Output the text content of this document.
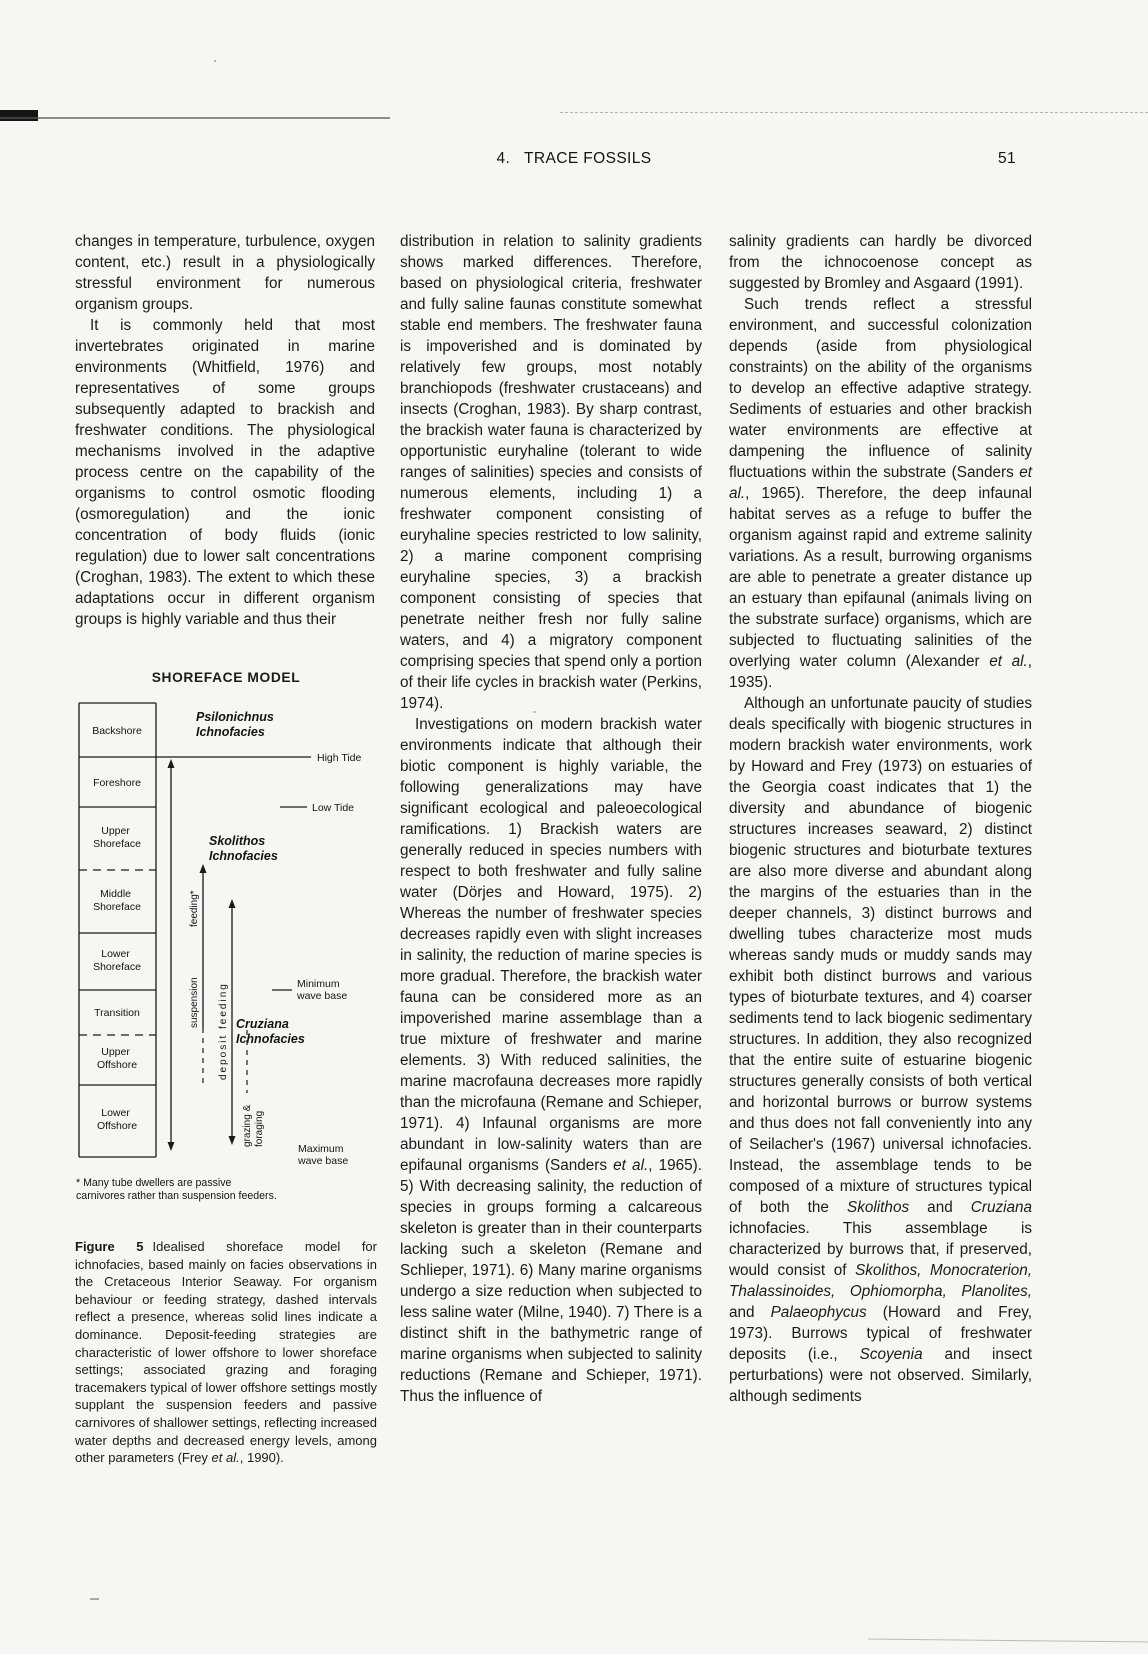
4.   TRACE FOSSILS	51

changes in temperature, turbulence, oxygen content, etc.) result in a physiologically stressful environment for numerous organism groups.

It is commonly held that most invertebrates originated in marine environments (Whitfield, 1976) and representatives of some groups subsequently adapted to brackish and freshwater conditions. The physiological mechanisms involved in the adaptive process centre on the capability of the organisms to control osmotic flooding (osmoregulation) and the ionic concentration of body fluids (ionic regulation) due to lower salt concentrations (Croghan, 1983). The extent to which these adaptations occur in different organism groups is highly variable and thus their

distribution in relation to salinity gradients shows marked differences. Therefore, based on physiological criteria, freshwater and fully saline faunas constitute somewhat stable end members. The freshwater fauna is impoverished and is dominated by relatively few groups, most notably branchiopods (freshwater crustaceans) and insects (Croghan, 1983). By sharp contrast, the brackish water fauna is characterized by opportunistic euryhaline (tolerant to wide ranges of salinities) species and consists of numerous elements, including 1) a freshwater component consisting of euryhaline species restricted to low salinity, 2) a marine component comprising euryhaline species, 3) a brackish component consisting of species that penetrate neither fresh nor fully saline waters, and 4) a migratory component comprising species that spend only a portion of their life cycles in brackish water (Perkins, 1974).

Investigations on modern brackish water environments indicate that although their biotic component is highly variable, the following generalizations may have significant ecological and paleoecological ramifications. 1) Brackish waters are generally reduced in species numbers with respect to both freshwater and fully saline water (Dörjes and Howard, 1975). 2) Whereas the number of freshwater species decreases rapidly even with slight increases in salinity, the reduction of marine species is more gradual. Therefore, the brackish water fauna can be considered more as an impoverished marine assemblage than a true mixture of freshwater and marine elements. 3) With reduced salinities, the marine macrofauna decreases more rapidly than the microfauna (Remane and Schieper, 1971). 4) Infaunal organisms are more abundant in low-salinity waters than are epifaunal organisms (Sanders et al., 1965). 5) With decreasing salinity, the reduction of species in groups forming a calcareous skeleton is greater than in their counterparts lacking such a skeleton (Remane and Schlieper, 1971). 6) Many marine organisms undergo a size reduction when subjected to less saline water (Milne, 1940). 7) There is a distinct shift in the bathymetric range of marine organisms when subjected to salinity reductions (Remane and Schieper, 1971). Thus the influence of

salinity gradients can hardly be divorced from the ichnocoenose concept as suggested by Bromley and Asgaard (1991).

Such trends reflect a stressful environment, and successful colonization depends (aside from physiological constraints) on the ability of the organisms to develop an effective adaptive strategy. Sediments of estuaries and other brackish water environments are effective at dampening the influence of salinity fluctuations within the substrate (Sanders et al., 1965). Therefore, the deep infaunal habitat serves as a refuge to buffer the organism against rapid and extreme salinity variations. As a result, burrowing organisms are able to penetrate a greater distance up an estuary than epifaunal (animals living on the substrate surface) organisms, which are subjected to fluctuating salinities of the overlying water column (Alexander et al., 1935).

Although an unfortunate paucity of studies deals specifically with biogenic structures in modern brackish water environments, work by Howard and Frey (1973) on estuaries of the Georgia coast indicates that 1) the diversity and abundance of biogenic structures increases seaward, 2) distinct biogenic structures and bioturbate textures are also more diverse and abundant along the margins of the estuaries than in the deeper channels, 3) distinct burrows and dwelling tubes characterize most muds whereas sandy muds or muddy sands may exhibit both distinct burrows and various types of bioturbate textures, and 4) coarser sediments tend to lack biogenic sedimentary structures. In addition, they also recognized that the entire suite of estuarine biogenic structures generally consists of both vertical and horizontal burrows or burrow systems and thus does not fall conveniently into any of Seilacher's (1967) universal ichnofacies. Instead, the assemblage tends to be composed of a mixture of structures typical of both the Skolithos and Cruziana ichnofacies. This assemblage is characterized by burrows that, if preserved, would consist of Skolithos, Monocraterion, Thalassinoides, Ophiomorpha, Planolites, and Palaeophycus (Howard and Frey, 1973). Burrows typical of freshwater deposits (i.e., Scoyenia and insect perturbations) were not observed. Similarly, although sediments

SHOREFACE MODEL
Backshore
Foreshore
Upper Shoreface
Middle Shoreface
Lower Shoreface
Transition
Upper Offshore
Lower Offshore
Psilonichnus Ichnofacies
Skolithos Ichnofacies
Cruziana Ichnofacies
High Tide
Low Tide
Minimum wave base
Maximum wave base
feeding*
suspension deposit feeding
grazing & foraging
* Many tube dwellers are passive
carnivores rather than suspension feeders.
Figure 5 Idealised shoreface model for ichnofacies, based mainly on facies observations in the Cretaceous Interior Seaway. For organism behaviour or feeding strategy, dashed intervals reflect a presence, whereas solid lines indicate a dominance. Deposit-feeding strategies are characteristic of lower offshore to lower shoreface settings; associated grazing and foraging tracemakers typical of lower offshore settings mostly supplant the suspension feeders and passive carnivores of shallower settings, reflecting increased water depths and decreased energy levels, among other parameters (Frey et al., 1990).
